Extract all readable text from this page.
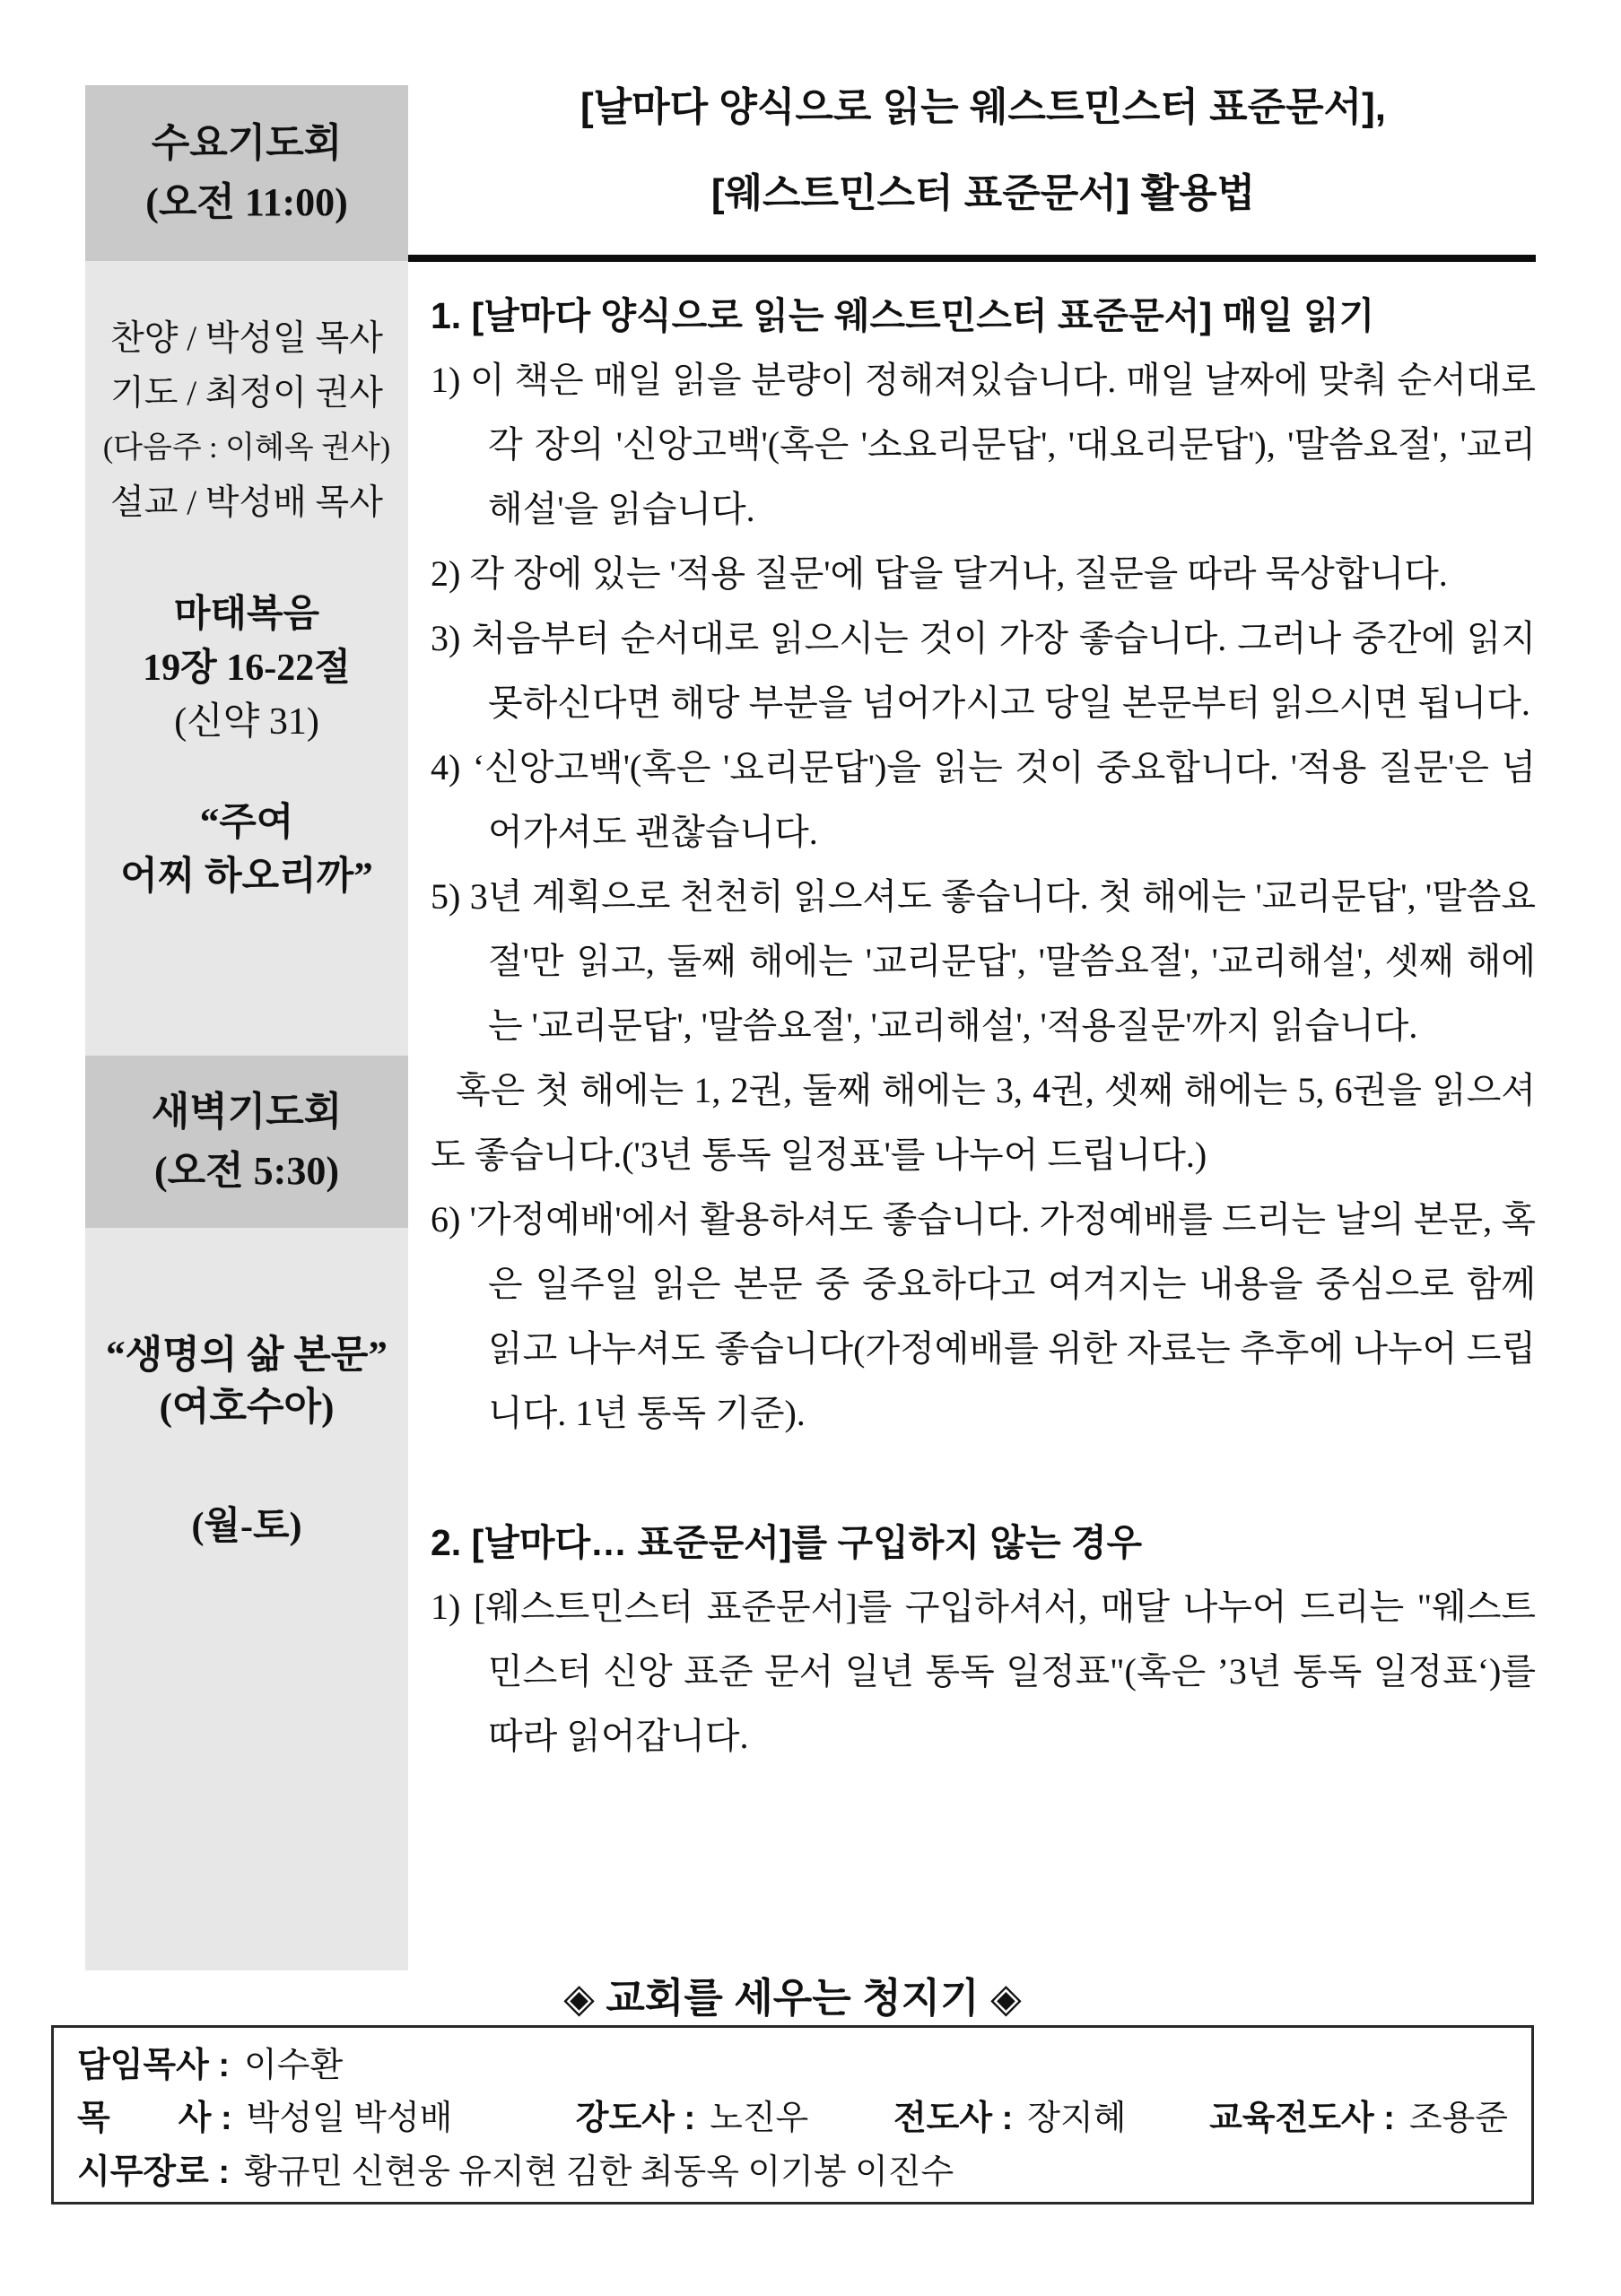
수요기도회
(오전 11:00)
찬양 / 박성일 목사
기도 / 최정이 권사
(다음주 : 이혜옥 권사)
설교 / 박성배 목사
마태복음
19장 16-22절
(신약 31)
“주여
어찌 하오리까”
새벽기도회
(오전 5:30)
“생명의 삶 본문”
(여호수아)
(월-토)
[날마다 양식으로 읽는 웨스트민스터 표준문서],
[웨스트민스터 표준문서] 활용법

1. [날마다 양식으로 읽는 웨스트민스터 표준문서] 매일 읽기

1) 이 책은 매일 읽을 분량이 정해져있습니다. 매일 날짜에 맞춰 순서대로 각 장의 '신앙고백'(혹은 '소요리문답', '대요리문답'), '말씀요절', '교리해설'을 읽습니다.

2) 각 장에 있는 '적용 질문'에 답을 달거나, 질문을 따라 묵상합니다.

3) 처음부터 순서대로 읽으시는 것이 가장 좋습니다. 그러나 중간에 읽지 못하신다면 해당 부분을 넘어가시고 당일 본문부터 읽으시면 됩니다.

4) ‘신앙고백'(혹은 '요리문답')을 읽는 것이 중요합니다. '적용 질문'은 넘어가셔도 괜찮습니다.

5) 3년 계획으로 천천히 읽으셔도 좋습니다. 첫 해에는 '교리문답', '말씀요절'만 읽고, 둘째 해에는 '교리문답', '말씀요절', '교리해설', 셋째 해에는 '교리문답', '말씀요절', '교리해설', '적용질문'까지 읽습니다.

혹은 첫 해에는 1, 2권, 둘째 해에는 3, 4권, 셋째 해에는 5, 6권을 읽으셔도 좋습니다.('3년 통독 일정표'를 나누어 드립니다.)

6) '가정예배'에서 활용하셔도 좋습니다. 가정예배를 드리는 날의 본문, 혹은 일주일 읽은 본문 중 중요하다고 여겨지는 내용을 중심으로 함께 읽고 나누셔도 좋습니다(가정예배를 위한 자료는 추후에 나누어 드립니다. 1년 통독 기준).

2. [날마다… 표준문서]를 구입하지 않는 경우

1) [웨스트민스터 표준문서]를 구입하셔서, 매달 나누어 드리는 "웨스트민스터 신앙 표준 문서 일년 통독 일정표"(혹은 ’3년 통독 일정표‘)를 따라 읽어갑니다.

◈ 교회를 세우는 청지기 ◈
담임목사 : 이수환
목　　사 : 박성일 박성배	강도사 : 노진우 전도사 : 장지혜 교육전도사 : 조용준
시무장로 : 황규민 신현웅 유지현 김한 최동옥 이기봉 이진수
